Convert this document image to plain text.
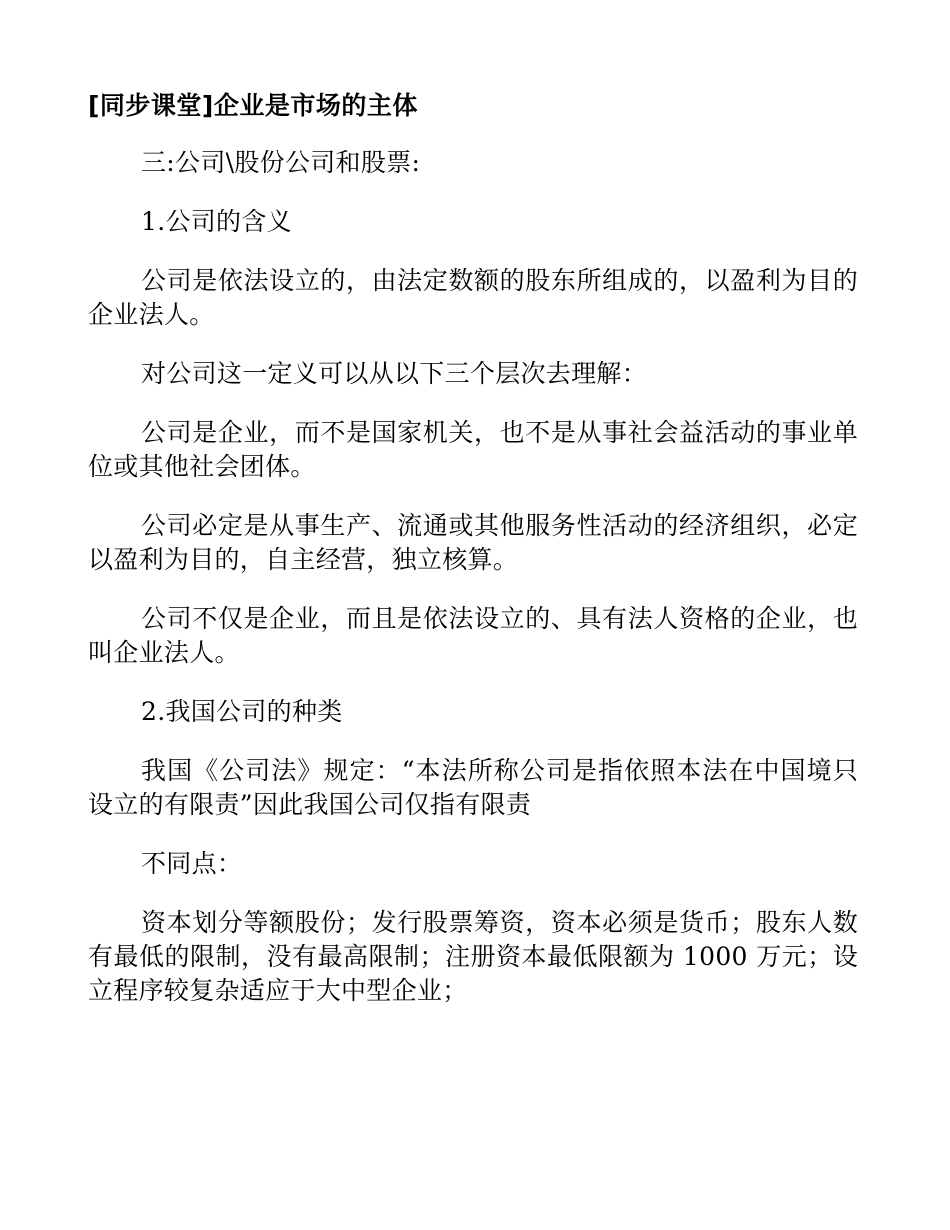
[同步课堂]企业是市场的主体

三:公司\股份公司和股票:

1.公司的含义

公司是依法设立的，由法定数额的股东所组成的，以盈利为目的企业法人。

对公司这一定义可以从以下三个层次去理解：

公司是企业，而不是国家机关，也不是从事社会益活动的事业单位或其他社会团体。

公司必定是从事生产、流通或其他服务性活动的经济组织，必定以盈利为目的，自主经营，独立核算。

公司不仅是企业，而且是依法设立的、具有法人资格的企业，也叫企业法人。

2.我国公司的种类

我国《公司法》规定：“本法所称公司是指依照本法在中国境只设立的有限责”因此我国公司仅指有限责

不同点：

资本划分等额股份；发行股票筹资，资本必须是货币；股东人数有最低的限制，没有最高限制；注册资本最低限额为 1000 万元；设立程序较复杂适应于大中型企业；
